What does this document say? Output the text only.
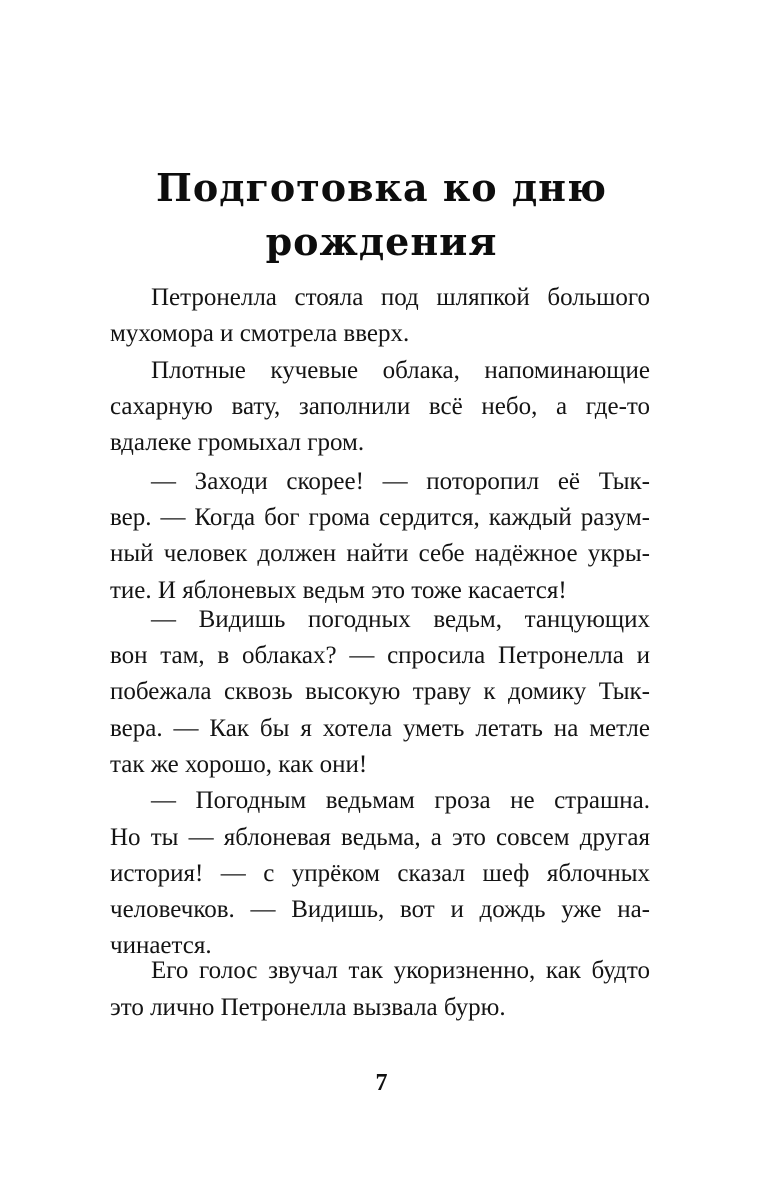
Подготовка ко дню
рождения
Петронелла стояла под шляпкой большого
мухомора и смотрела вверх.
Плотные кучевые облака, напоминающие
сахарную вату, заполнили всё небо, а где-то
вдалеке громыхал гром.
— Заходи скорее! — поторопил её Тык-
вер. — Когда бог грома сердится, каждый разум-
ный человек должен найти себе надёжное укры-
тие. И яблоневых ведьм это тоже касается!
— Видишь погодных ведьм, танцующих
вон там, в облаках? — спросила Петронелла и
побежала сквозь высокую траву к домику Тык-
вера. — Как бы я хотела уметь летать на метле
так же хорошо, как они!
— Погодным ведьмам гроза не страшна.
Но ты — яблоневая ведьма, а это совсем другая
история! — с упрёком сказал шеф яблочных
человечков. — Видишь, вот и дождь уже на-
чинается.
Его голос звучал так укоризненно, как будто
это лично Петронелла вызвала бурю.
7
